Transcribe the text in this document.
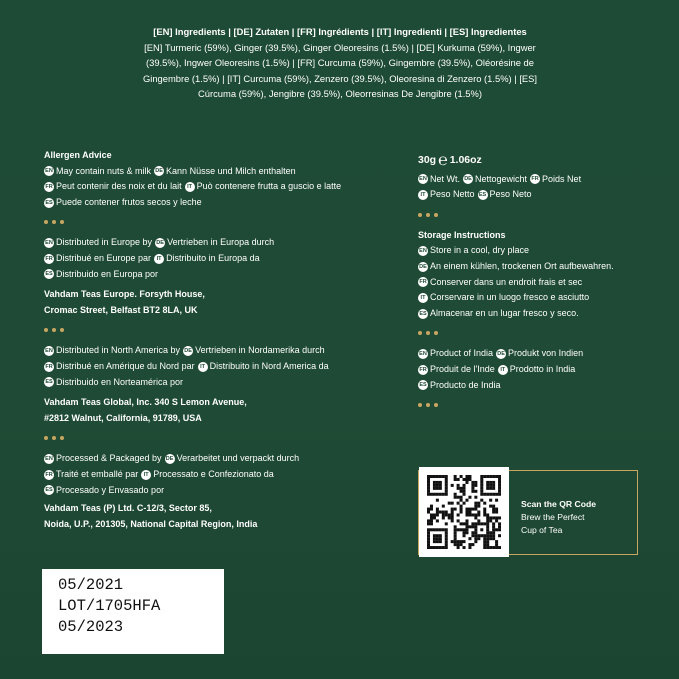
[EN] Ingredients | [DE] Zutaten | [FR] Ingrédients | [IT] Ingredienti | [ES] Ingredientes
[EN] Turmeric (59%), Ginger (39.5%), Ginger Oleoresins (1.5%) | [DE] Kurkuma (59%), Ingwer (39.5%), Ingwer Oleoresins (1.5%) | [FR] Curcuma (59%), Gingembre (39.5%), Oléorésine de Gingembre (1.5%) | [IT] Curcuma (59%), Zenzero (39.5%), Oleoresina di Zenzero (1.5%) | [ES] Cúrcuma (59%), Jengibre (39.5%), Oleorresinas De Jengibre (1.5%)
Allergen Advice
EN May contain nuts & milk DE Kann Nüsse und Milch enthalten
FR Peut contenir des noix et du lait	IT Può contenere frutta a guscio e latte
ES Puede contener frutos secos y leche
EN Distributed in Europe by DE Vertrieben in Europa durch
FR Distribué en Europe par	IT Distribuito in Europa da
ES Distribuido en Europa por
Vahdam Teas Europe. Forsyth House,
Cromac Street, Belfast BT2 8LA, UK
EN Distributed in North America by DE Vertrieben in Nordamerika durch
FR Distribué en Amérique du Nord par	IT Distribuito in Nord America da
ES Distribuido en Norteamérica por
Vahdam Teas Global, Inc. 340 S Lemon Avenue,
#2812 Walnut, California, 91789, USA
EN Processed & Packaged by DE Verarbeitet und verpackt durch
FR Traité et emballé par	IT Processato e Confezionato da
ES Procesado y Envasado por
Vahdam Teas (P) Ltd. C-12/3, Sector 85,
Noida, U.P., 201305, National Capital Region, India
30g ℮ 1.06oz
EN Net Wt. DE Nettogewicht FR Poids Net
IT Peso Netto ES Peso Neto
Storage Instructions
EN Store in a cool, dry place
DE An einem kühlen, trockenen Ort aufbewahren.
FR Conserver dans un endroit frais et sec
IT Corservare in un luogo fresco e asciutto
ES Almacenar en un lugar fresco y seco.
EN Product of India DE Produkt von Indien
FR Produit de l'Inde	IT Prodotto in India
ES Producto de India
Scan the QR Code
Brew the Perfect
Cup of Tea
05/2021
LOT/1705HFA
05/2023
